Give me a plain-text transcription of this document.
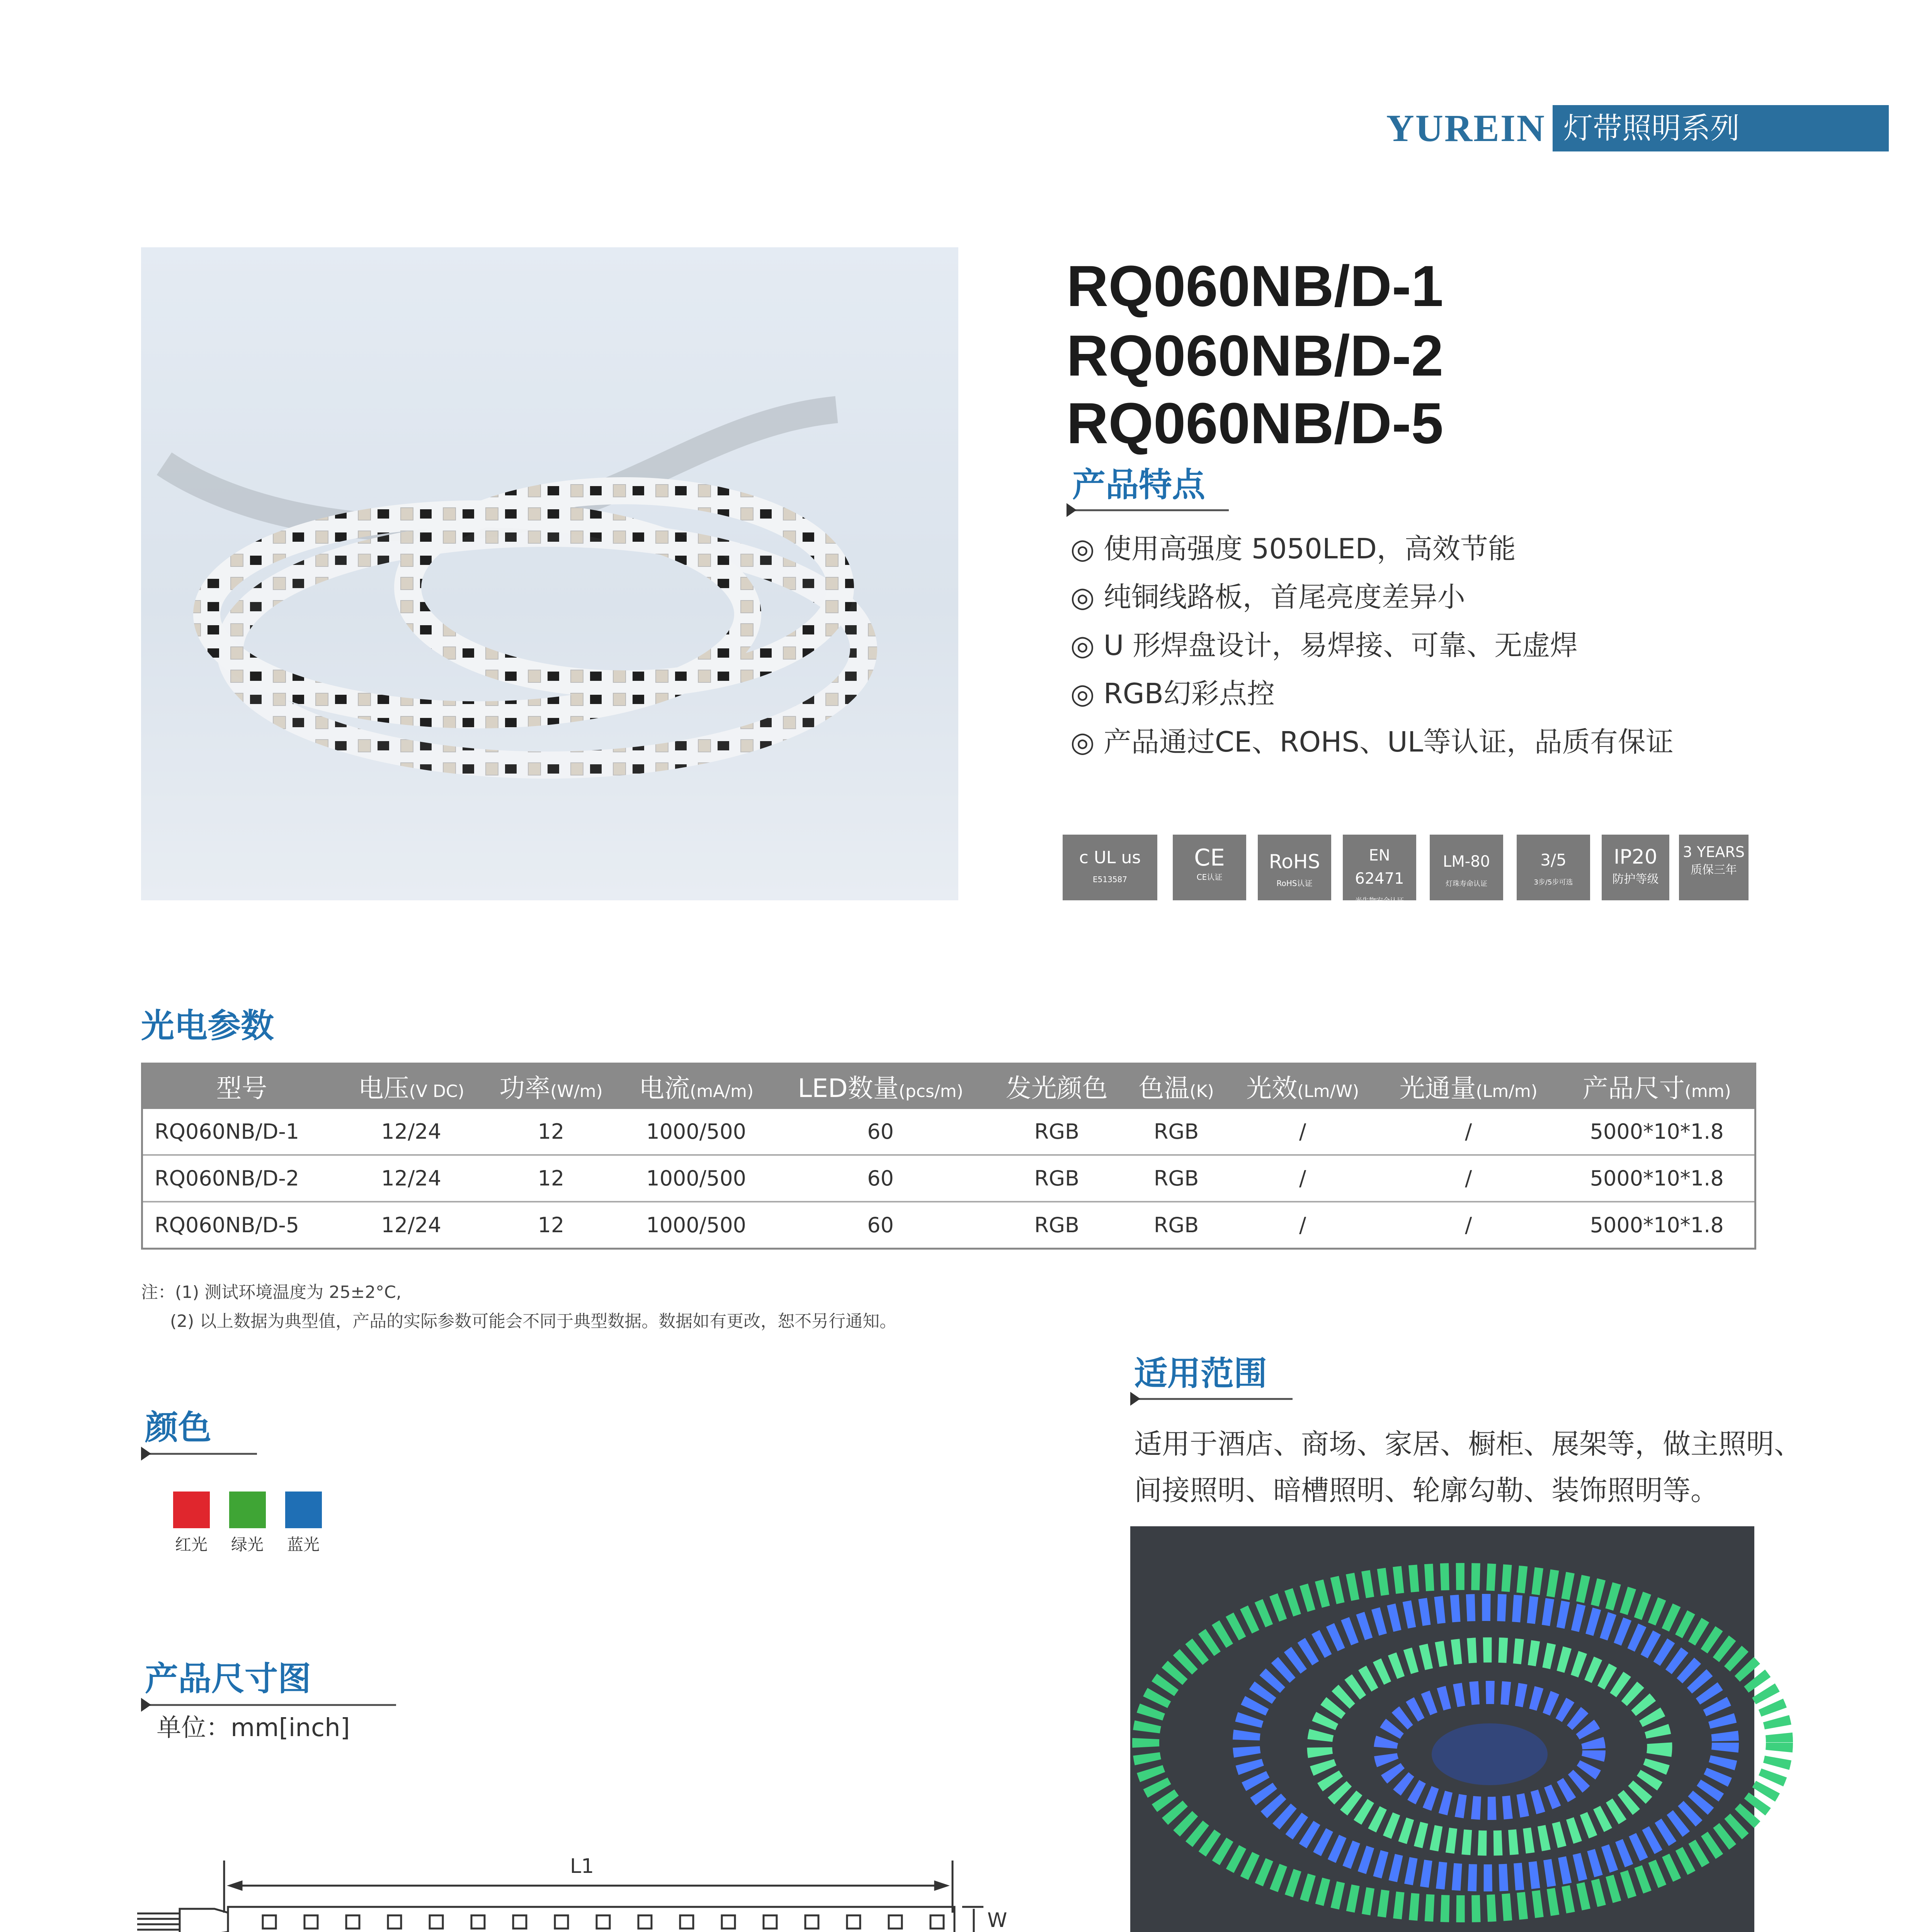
YUREIN 灯带照明系列
RQ060NB/D-1
RQ060NB/D-2
RQ060NB/D-5
产品特点
◎ 使用高强度 5050LED，高效节能
◎ 纯铜线路板，首尾亮度差异小
◎ U 形焊盘设计，易焊接、可靠、无虚焊
◎ RGB幻彩点控
◎ 产品通过CE、ROHS、UL等认证，品质有保证
c UL us
E513587
CE
CE认证
RoHS
RoHS认证
EN 62471
光生物安全认证
LM-80
灯珠寿命认证
3/5
3步/5步可选
IP20
防护等级
3 YEARS
质保三年
光电参数
型号	电压(V DC)	功率(W/m)	电流(mA/m)	LED数量(pcs/m)	发光颜色	色温(K)	光效(Lm/W)	光通量(Lm/m)	产品尺寸(mm)
RQ060NB/D-1	12/24	12	1000/500	60	RGB	RGB	/	/	5000*10*1.8
RQ060NB/D-2	12/24	12	1000/500	60	RGB	RGB	/	/	5000*10*1.8
RQ060NB/D-5	12/24	12	1000/500	60	RGB	RGB	/	/	5000*10*1.8
注：(1) 测试环境温度为 25±2°C,
(2) 以上数据为典型值，产品的实际参数可能会不同于典型数据。数据如有更改，恕不另行通知。
适用范围
适用于酒店、商场、家居、橱柜、展架等，做主照明、
间接照明、暗槽照明、轮廓勾勒、装饰照明等。
颜色
红光	绿光	蓝光
产品尺寸图
单位：mm[inch]
L1
W
